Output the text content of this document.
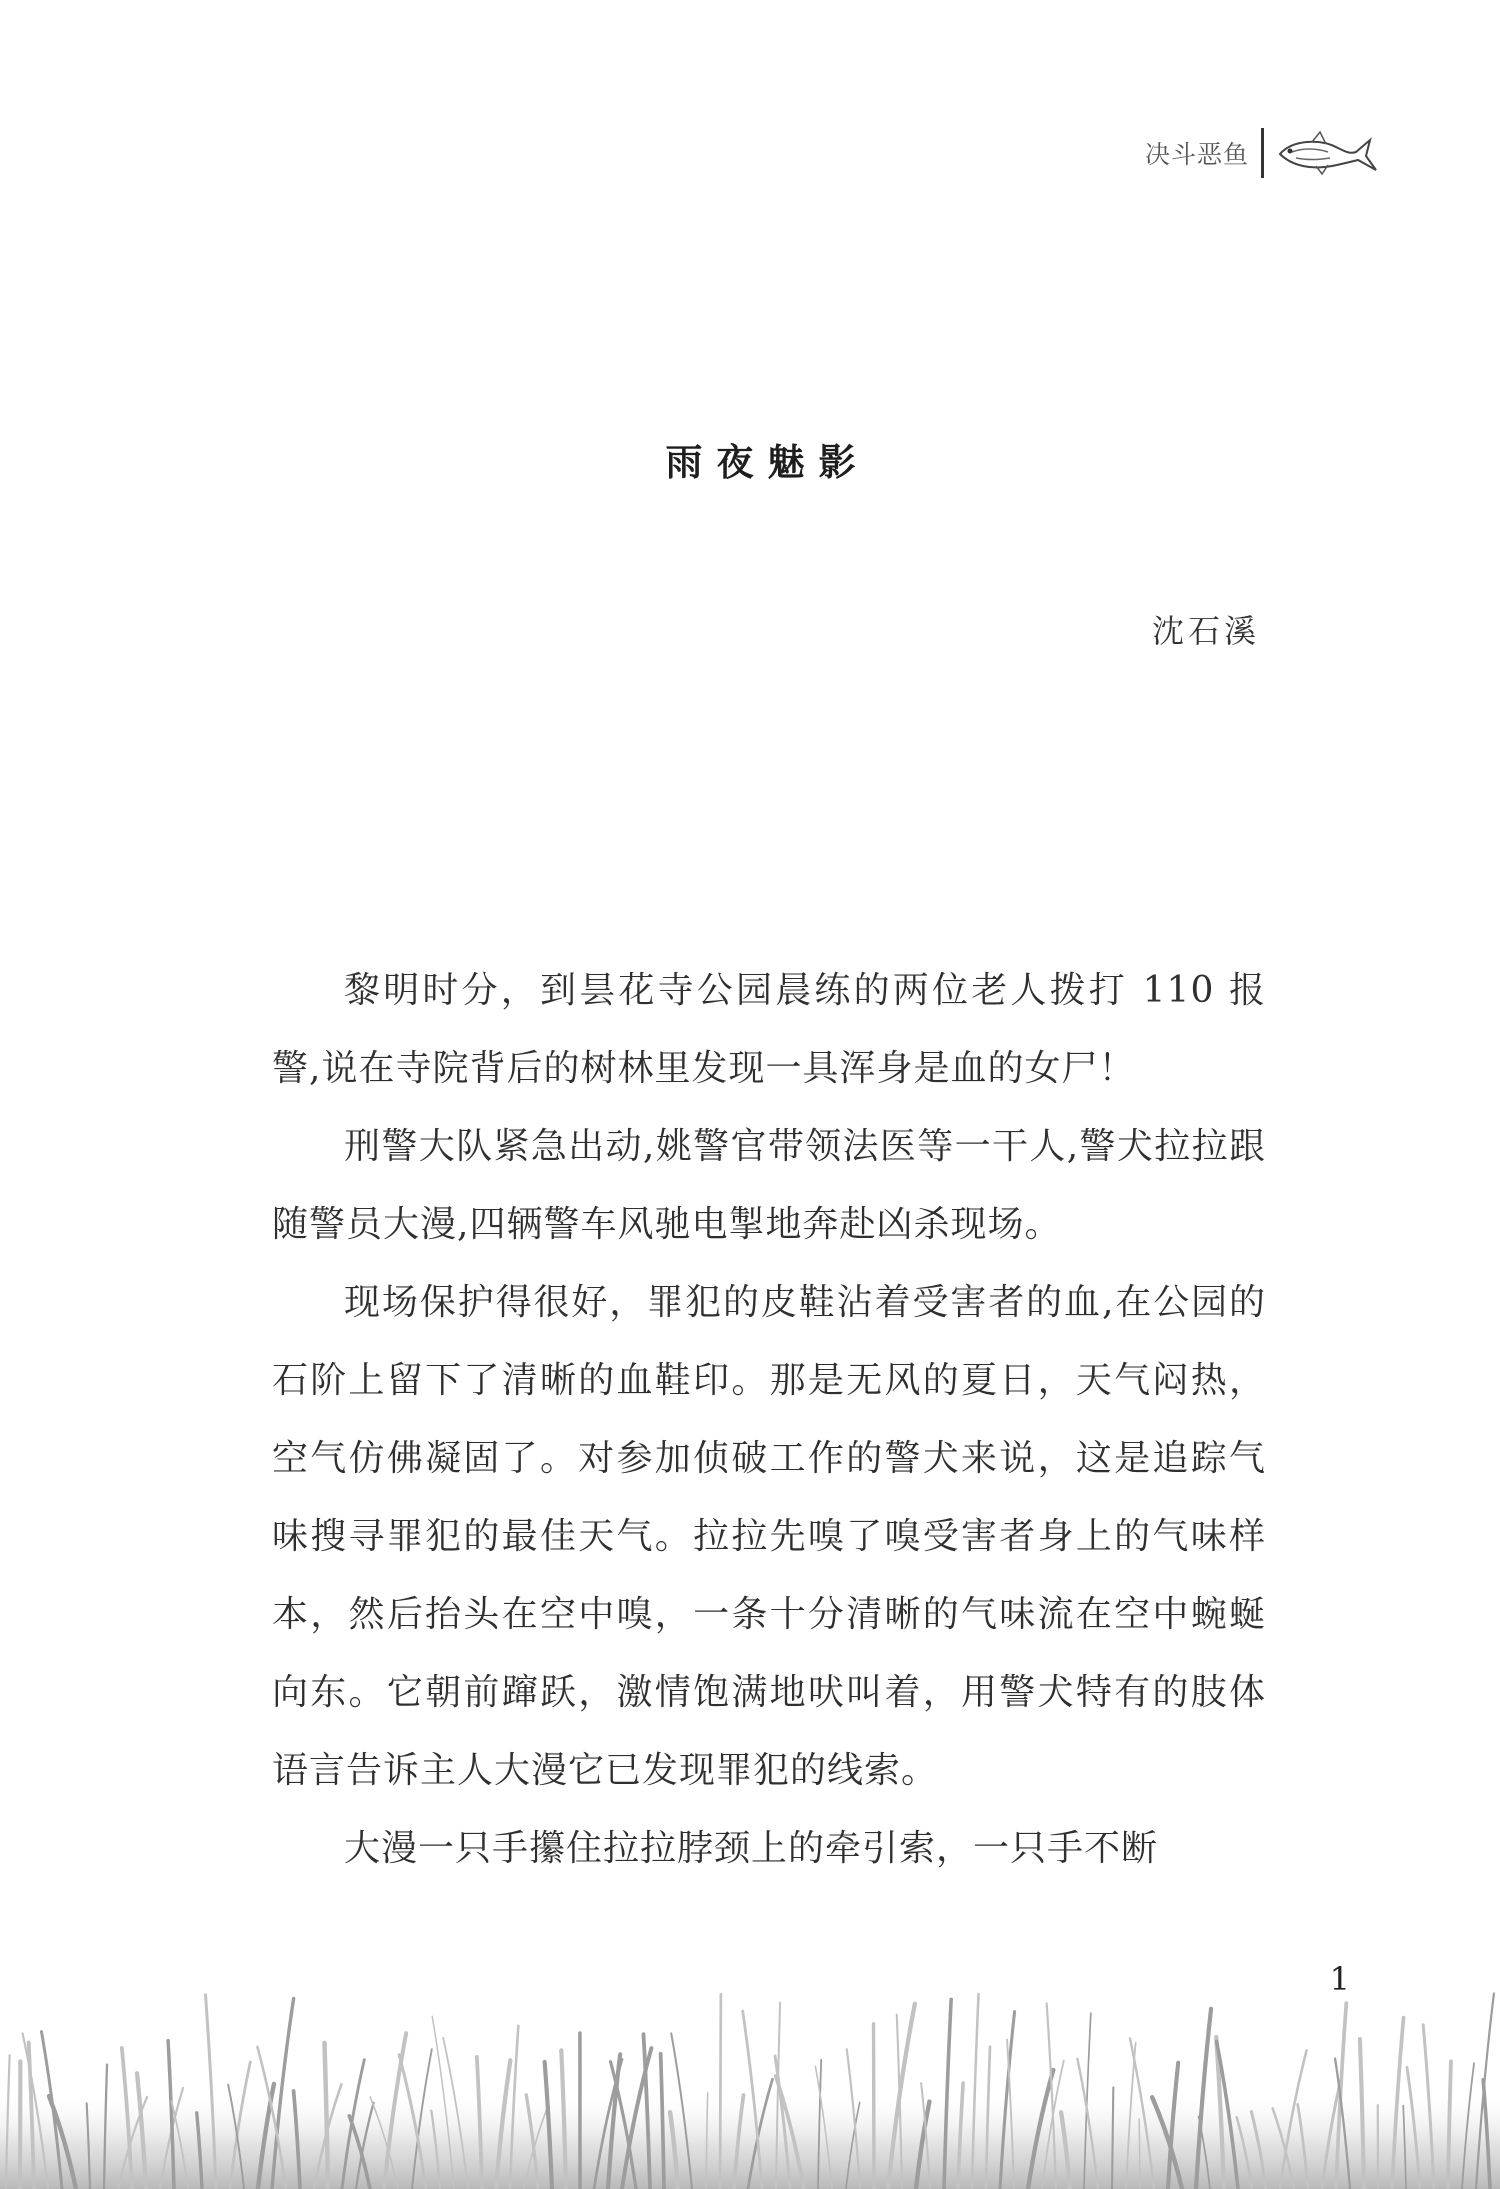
决斗恶鱼
雨夜魅影
沈石溪

黎明时分，到昙花寺公园晨练的两位老人拨打 110 报警,说在寺院背后的树林里发现一具浑身是血的女尸！

刑警大队紧急出动,姚警官带领法医等一干人,警犬拉拉跟随警员大漫,四辆警车风驰电掣地奔赴凶杀现场。

现场保护得很好，罪犯的皮鞋沾着受害者的血,在公园的石阶上留下了清晰的血鞋印。那是无风的夏日，天气闷热，空气仿佛凝固了。对参加侦破工作的警犬来说，这是追踪气味搜寻罪犯的最佳天气。拉拉先嗅了嗅受害者身上的气味样本，然后抬头在空中嗅，一条十分清晰的气味流在空中蜿蜒向东。它朝前蹿跃，激情饱满地吠叫着，用警犬特有的肢体语言告诉主人大漫它已发现罪犯的线索。

大漫一只手攥住拉拉脖颈上的牵引索，一只手不断

1
